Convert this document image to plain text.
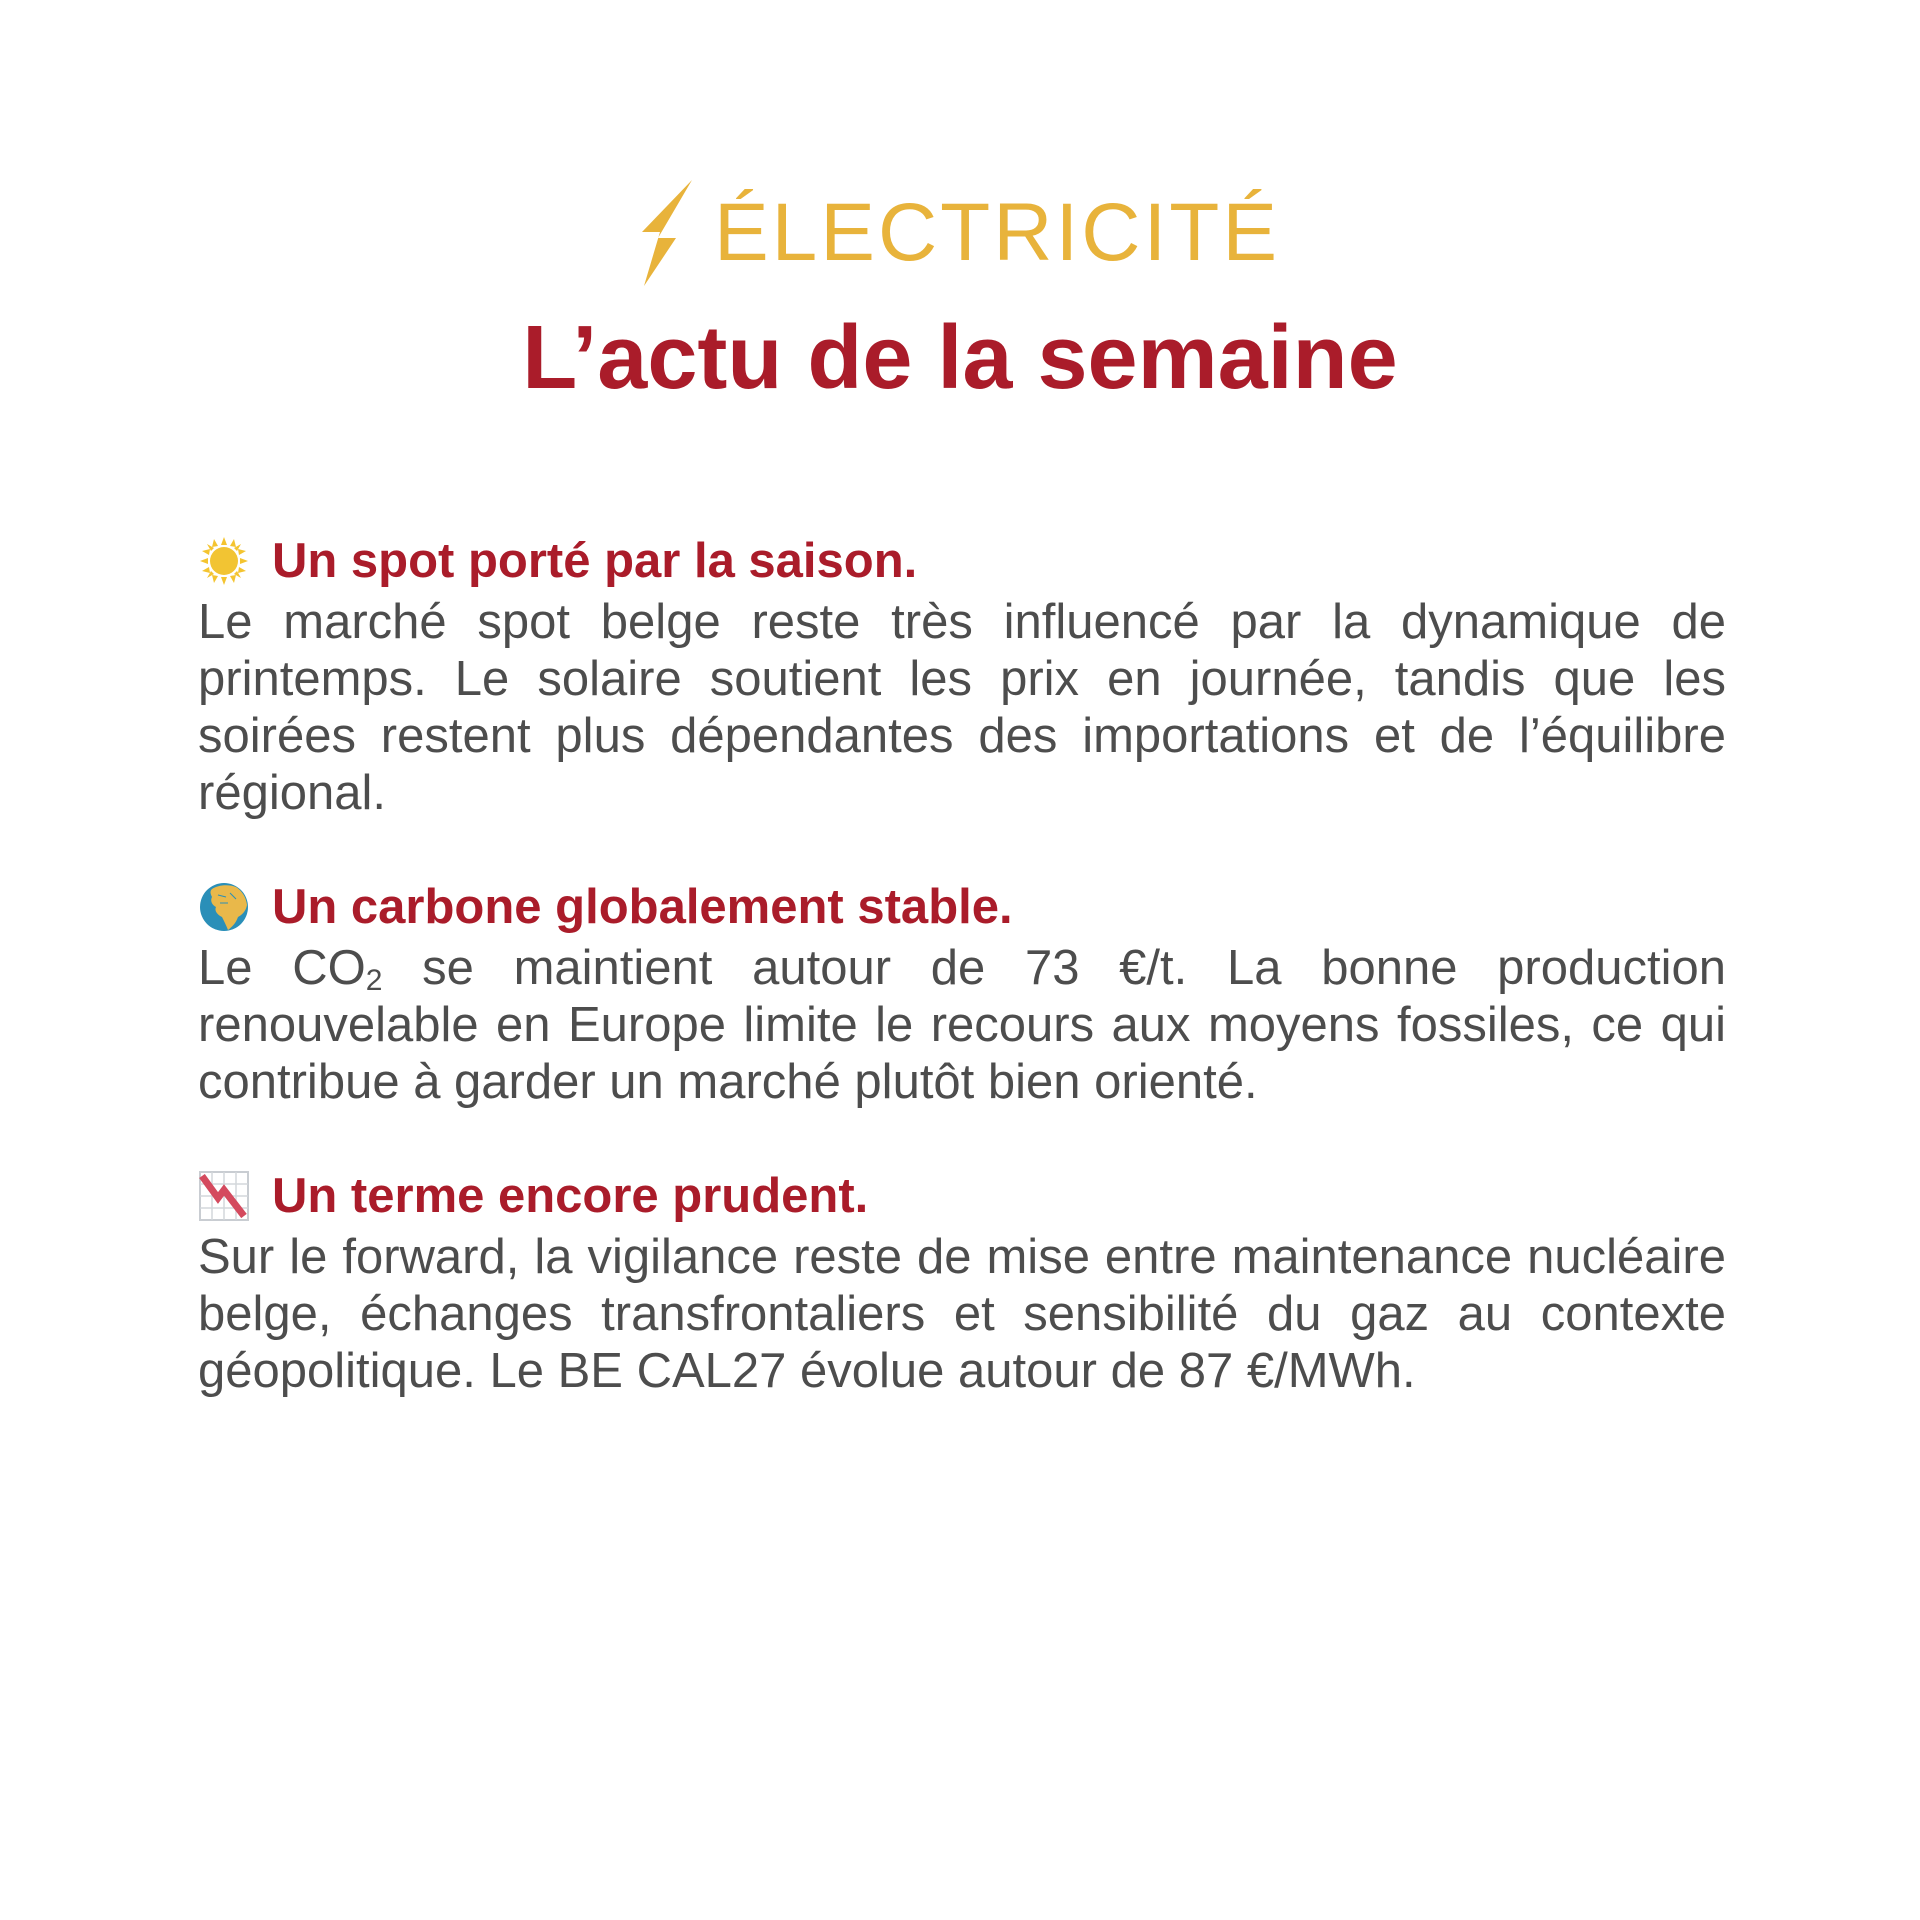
ÉLECTRICITÉ
L’actu de la semaine
Un spot porté par la saison.

Le marché spot belge reste très influencé par la dynamique de printemps. Le solaire soutient les prix en journée, tandis que les soirées restent plus dépendantes des importations et de l’équilibre régional.

Un carbone globalement stable.

Le $CO_2$ se maintient autour de 73 €/t. La bonne production renouvelable en Europe limite le recours aux moyens fossiles, ce qui contribue à garder un marché plutôt bien orienté.

Un terme encore prudent.

Sur le forward, la vigilance reste de mise entre maintenance nucléaire belge, échanges transfrontaliers et sensibilité du gaz au contexte géopolitique. Le BE CAL27 évolue autour de 87 €/MWh.
